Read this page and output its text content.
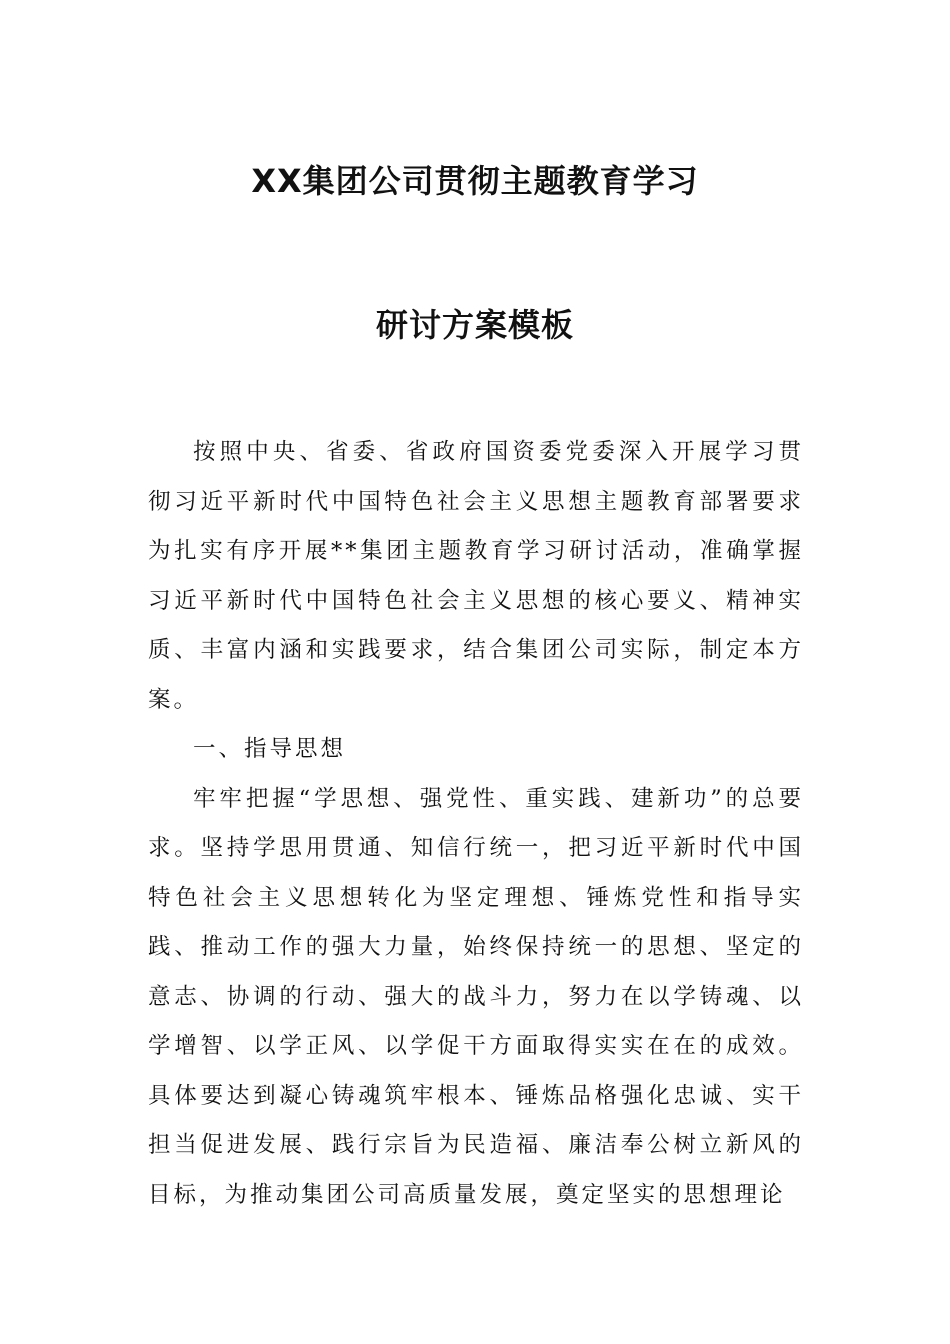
XX集团公司贯彻主题教育学习
研讨方案模板

按照中央、省委、省政府国资委党委深入开展学习贯彻习近平新时代中国特色社会主义思想主题教育部署要求为扎实有序开展**集团主题教育学习研讨活动，准确掌握习近平新时代中国特色社会主义思想的核心要义、精神实质、丰富内涵和实践要求，结合集团公司实际，制定本方案。

一、指导思想

牢牢把握“学思想、强党性、重实践、建新功”的总要求。坚持学思用贯通、知信行统一，把习近平新时代中国特色社会主义思想转化为坚定理想、锤炼党性和指导实践、推动工作的强大力量，始终保持统一的思想、坚定的意志、协调的行动、强大的战斗力，努力在以学铸魂、以学增智、以学正风、以学促干方面取得实实在在的成效。具体要达到凝心铸魂筑牢根本、锤炼品格强化忠诚、实干担当促进发展、践行宗旨为民造福、廉洁奉公树立新风的目标，为推动集团公司高质量发展，奠定坚实的思想理论
